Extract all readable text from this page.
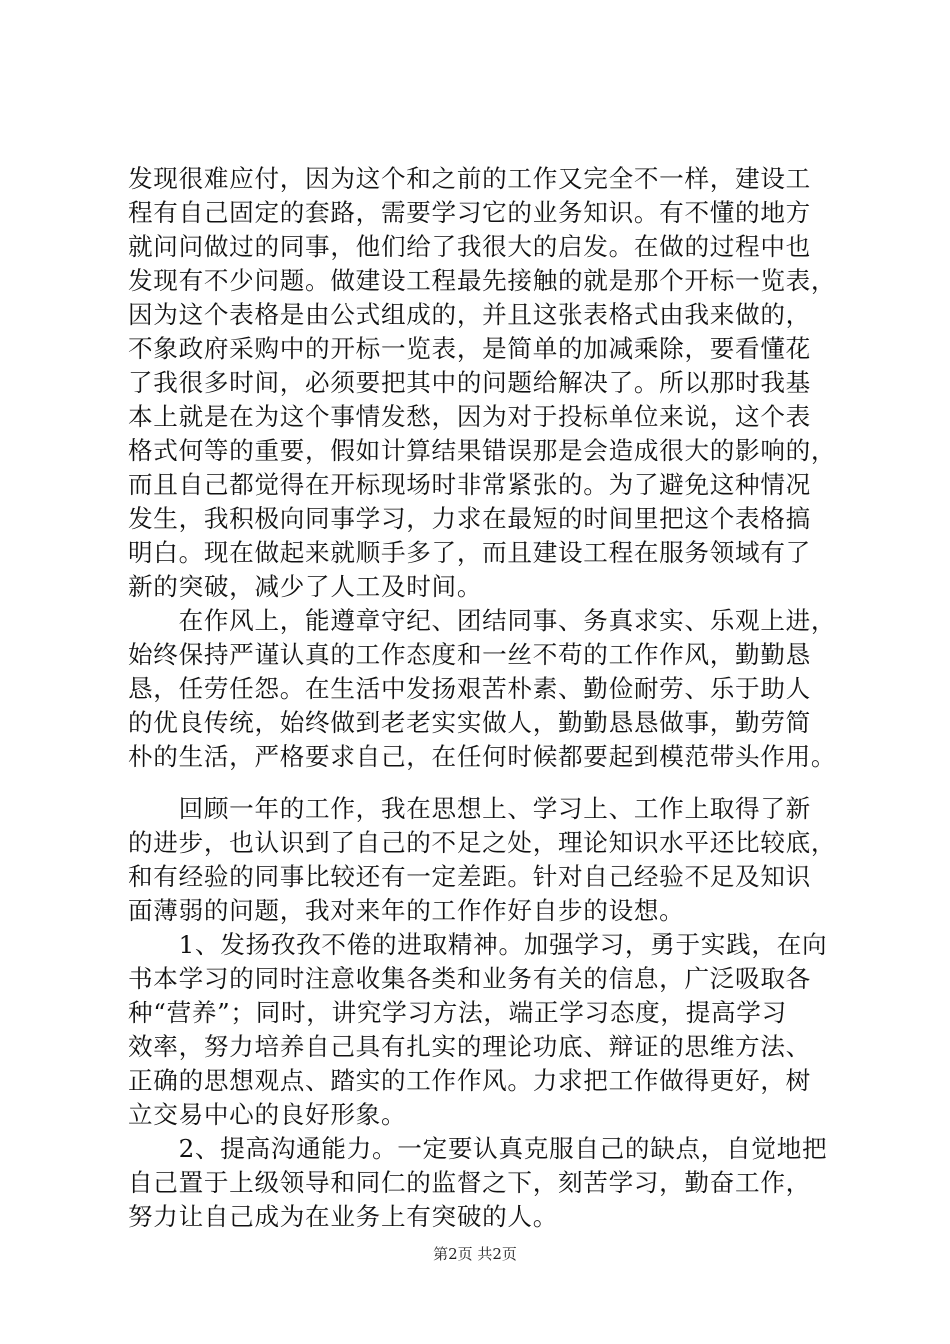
发现很难应付，因为这个和之前的工作又完全不一样，建设工
程有自己固定的套路，需要学习它的业务知识。有不懂的地方
就问问做过的同事，他们给了我很大的启发。在做的过程中也
发现有不少问题。做建设工程最先接触的就是那个开标一览表，
因为这个表格是由公式组成的，并且这张表格式由我来做的，
不象政府采购中的开标一览表，是简单的加减乘除，要看懂花
了我很多时间，必须要把其中的问题给解决了。所以那时我基
本上就是在为这个事情发愁，因为对于投标单位来说，这个表
格式何等的重要，假如计算结果错误那是会造成很大的影响的，
而且自己都觉得在开标现场时非常紧张的。为了避免这种情况
发生，我积极向同事学习，力求在最短的时间里把这个表格搞
明白。现在做起来就顺手多了，而且建设工程在服务领域有了
新的突破，减少了人工及时间。
　　在作风上，能遵章守纪、团结同事、务真求实、乐观上进，
始终保持严谨认真的工作态度和一丝不苟的工作作风，勤勤恳
恳，任劳任怨。在生活中发扬艰苦朴素、勤俭耐劳、乐于助人
的优良传统，始终做到老老实实做人，勤勤恳恳做事，勤劳简
朴的生活，严格要求自己，在任何时候都要起到模范带头作用。
　　回顾一年的工作，我在思想上、学习上、工作上取得了新
的进步，也认识到了自己的不足之处，理论知识水平还比较底，
和有经验的同事比较还有一定差距。针对自己经验不足及知识
面薄弱的问题，我对来年的工作作好自步的设想。
　　1、发扬孜孜不倦的进取精神。加强学习，勇于实践，在向
书本学习的同时注意收集各类和业务有关的信息，广泛吸取各
种“营养”；同时，讲究学习方法，端正学习态度，提高学习
效率，努力培养自己具有扎实的理论功底、辩证的思维方法、
正确的思想观点、踏实的工作作风。力求把工作做得更好，树
立交易中心的良好形象。
　　2、提高沟通能力。一定要认真克服自己的缺点，自觉地把
自己置于上级领导和同仁的监督之下，刻苦学习，勤奋工作，
努力让自己成为在业务上有突破的人。
第2页 共2页
